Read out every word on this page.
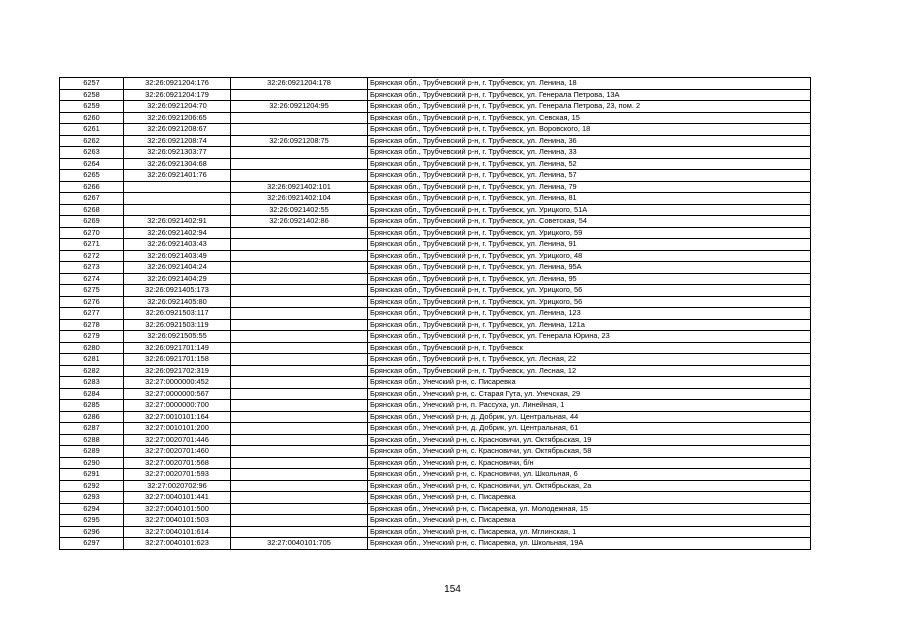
6257	32:26:0921204:176	32:26:0921204:178	Брянская обл., Трубчевский р-н, г. Трубчевск, ул. Ленина, 18
6258	32:26:0921204:179		Брянская обл., Трубчевский р-н, г. Трубчевск, ул. Генерала Петрова, 13А
6259	32:26:0921204:70	32:26:0921204:95	Брянская обл., Трубчевский р-н, г. Трубчевск, ул. Генерала Петрова, 23, пом. 2
6260	32:26:0921206:65		Брянская обл., Трубчевский р-н, г. Трубчевск, ул. Севская, 15
6261	32:26:0921208:67		Брянская обл., Трубчевский р-н, г. Трубчевск, ул. Воровского, 18
6262	32:26:0921208:74	32:26:0921208:75	Брянская обл., Трубчевский р-н, г. Трубчевск, ул. Ленина, 36
6263	32:26:0921303:77		Брянская обл., Трубчевский р-н, г. Трубчевск, ул. Ленина, 33
6264	32:26:0921304:68		Брянская обл., Трубчевский р-н, г. Трубчевск, ул. Ленина, 52
6265	32:26:0921401:76		Брянская обл., Трубчевский р-н, г. Трубчевск, ул. Ленина, 57
6266		32:26:0921402:101	Брянская обл., Трубчевский р-н, г. Трубчевск, ул. Ленина, 79
6267		32:26:0921402:104	Брянская обл., Трубчевский р-н, г. Трубчевск, ул. Ленина, 81
6268		32:26:0921402:55	Брянская обл., Трубчевский р-н, г. Трубчевск, ул. Урицкого, 51А
6269	32:26:0921402:91	32:26:0921402:86	Брянская обл., Трубчевский р-н, г. Трубчевск, ул. Советская, 54
6270	32:26:0921402:94		Брянская обл., Трубчевский р-н, г. Трубчевск, ул. Урицкого, 59
6271	32:26:0921403:43		Брянская обл., Трубчевский р-н, г. Трубчевск, ул. Ленина, 91
6272	32:26:0921403:49		Брянская обл., Трубчевский р-н, г. Трубчевск, ул. Урицкого, 48
6273	32:26:0921404:24		Брянская обл., Трубчевский р-н, г. Трубчевск, ул. Ленина, 95А
6274	32:26:0921404:29		Брянская обл., Трубчевский р-н, г. Трубчевск, ул. Ленина, 95
6275	32:26:0921405:173		Брянская обл., Трубчевский р-н, г. Трубчевск, ул. Урицкого, 56
6276	32:26:0921405:80		Брянская обл., Трубчевский р-н, г. Трубчевск, ул. Урицкого, 56
6277	32:26:0921503:117		Брянская обл., Трубчевский р-н, г. Трубчевск, ул. Ленина, 123
6278	32:26:0921503:119		Брянская обл., Трубчевский р-н, г. Трубчевск, ул. Ленина, 121а
6279	32:26:0921505:55		Брянская обл., Трубчевский р-н, г. Трубчевск, ул. Генерала Юрина, 23
6280	32:26:0921701:149		Брянская обл., Трубчевский р-н, г. Трубчевск
6281	32:26:0921701:158		Брянская обл., Трубчевский р-н, г. Трубчевск, ул. Лесная, 22
6282	32:26:0921702:319		Брянская обл., Трубчевский р-н, г. Трубчевск, ул. Лесная, 12
6283	32:27:0000000:452		Брянская обл., Унечский р-н, с. Писаревка
6284	32:27:0000000:567		Брянская обл., Унечский р-н, с. Старая Гута, ул. Унечская, 29
6285	32:27:0000000:700		Брянская обл., Унечский р-н, п. Рассуха, ул. Линейная, 1
6286	32:27:0010101:164		Брянская обл., Унечский р-н, д. Добрик, ул. Центральная, 44
6287	32:27:0010101:200		Брянская обл., Унечский р-н, д. Добрик, ул. Центральная, 61
6288	32:27:0020701:446		Брянская обл., Унечский р-н, с. Красновичи, ул. Октябрьская, 19
6289	32:27:0020701:460		Брянская обл., Унечский р-н, с. Красновичи, ул. Октябрьская, 58
6290	32:27:0020701:568		Брянская обл., Унечский р-н, с. Красновичи, б/н
6291	32:27:0020701:593		Брянская обл., Унечский р-н, с. Красновичи, ул. Школьная, 6
6292	32:27:0020702:96		Брянская обл., Унечский р-н, с. Красновичи, ул. Октябрьская, 2а
6293	32:27:0040101:441		Брянская обл., Унечский р-н, с. Писаревка
6294	32:27:0040101:500		Брянская обл., Унечский р-н, с. Писаревка, ул. Молодежная, 15
6295	32:27:0040101:503		Брянская обл., Унечский р-н, с. Писаревка
6296	32:27:0040101:614		Брянская обл., Унечский р-н, с. Писаревка, ул. Мглинская, 1
6297	32:27:0040101:623	32:27:0040101:705	Брянская обл., Унечский р-н, с. Писаревка, ул. Школьная, 19А
154
